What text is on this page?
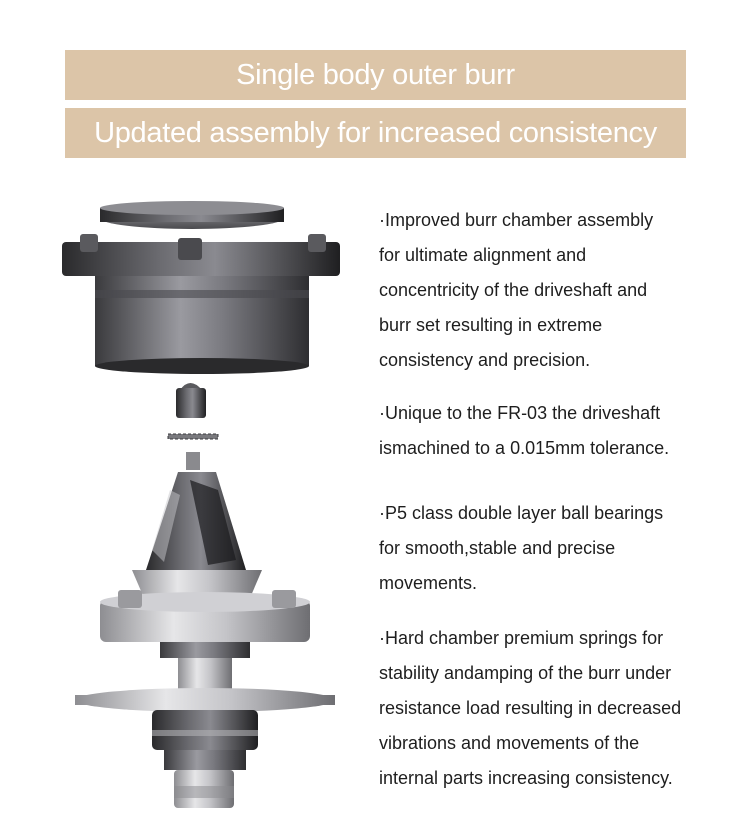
Single body outer burr
Updated assembly for increased consistency
·Improved burr chamber assembly
for ultimate alignment and
concentricity of the driveshaft and
burr set resulting in extreme
consistency and precision.
·Unique to the FR-03 the driveshaft
ismachined to a 0.015mm tolerance.
·P5 class double layer ball bearings
for smooth,stable and precise
movements.
·Hard chamber premium springs for
stability andamping of the burr under
resistance load resulting in decreased
vibrations and movements of the
internal parts increasing consistency.
